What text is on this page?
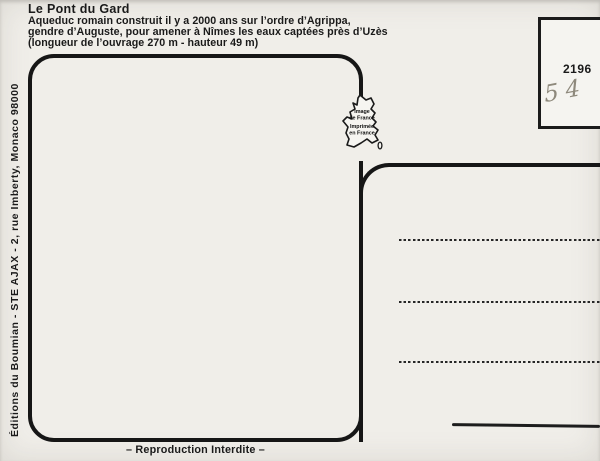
Le Pont du Gard
Aqueduc romain construit il y a 2000 ans sur l’ordre d’Agrippa,
gendre d’Auguste, pour amener à Nîmes les eaux captées près d’Uzès
(longueur de l’ouvrage 270 m - hauteur 49 m)
Éditions du Boumian - STE AJAX - 2, rue Imberty, Monaco 98000	Image
de France
Imprimée
en France
2196
54
– Reproduction Interdite –
